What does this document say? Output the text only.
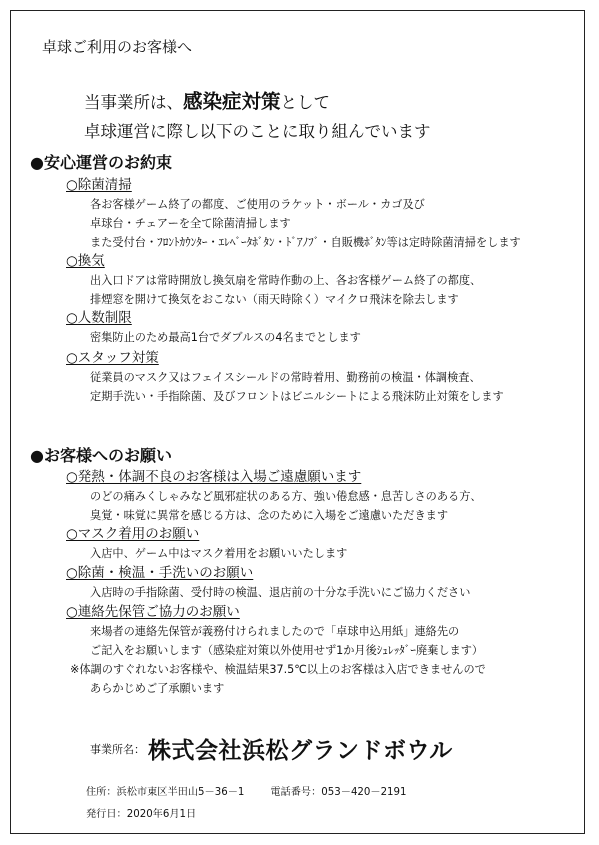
卓球ご利用のお客様へ
当事業所は、感染症対策として
卓球運営に際し以下のことに取り組んでいます
●安心運営のお約束
○除菌清掃
各お客様ゲーム終了の都度、ご使用のラケット・ボール・カゴ及び
卓球台・チェアーを全て除菌清掃します
また受付台・ﾌﾛﾝﾄｶｳﾝﾀｰ・ｴﾚﾍﾞｰﾀﾎﾞﾀﾝ・ﾄﾞｱﾉﾌﾞ・自販機ﾎﾞﾀﾝ等は定時除菌清掃をします
○換気
出入口ドアは常時開放し換気扇を常時作動の上、各お客様ゲーム終了の都度、
排煙窓を開けて換気をおこない（雨天時除く）マイクロ飛沫を除去します
○人数制限
密集防止のため最高1台でダブルスの4名までとします
○スタッフ対策
従業員のマスク又はフェイスシールドの常時着用、勤務前の検温・体調検査、
定期手洗い・手指除菌、及びフロントはビニルシートによる飛沫防止対策をします
●お客様へのお願い
○発熱・体調不良のお客様は入場ご遠慮願います
のどの痛みくしゃみなど風邪症状のある方、強い倦怠感・息苦しさのある方、
臭覚・味覚に異常を感じる方は、念のために入場をご遠慮いただきます
○マスク着用のお願い
入店中、ゲーム中はマスク着用をお願いいたします
○除菌・検温・手洗いのお願い
入店時の手指除菌、受付時の検温、退店前の十分な手洗いにご協力ください
○連絡先保管ご協力のお願い
来場者の連絡先保管が義務付けられましたので「卓球申込用紙」連絡先の
ご記入をお願いします（感染症対策以外使用せず1か月後ｼｭﾚｯﾀﾞｰ廃棄します）
※体調のすぐれないお客様や、検温結果37.5℃以上のお客様は入店できませんので
あらかじめご了承願います
事業所名： 株式会社浜松グランドボウル
住所：浜松市東区半田山5－36－1	電話番号：053－420－2191
発行日：2020年6月1日
